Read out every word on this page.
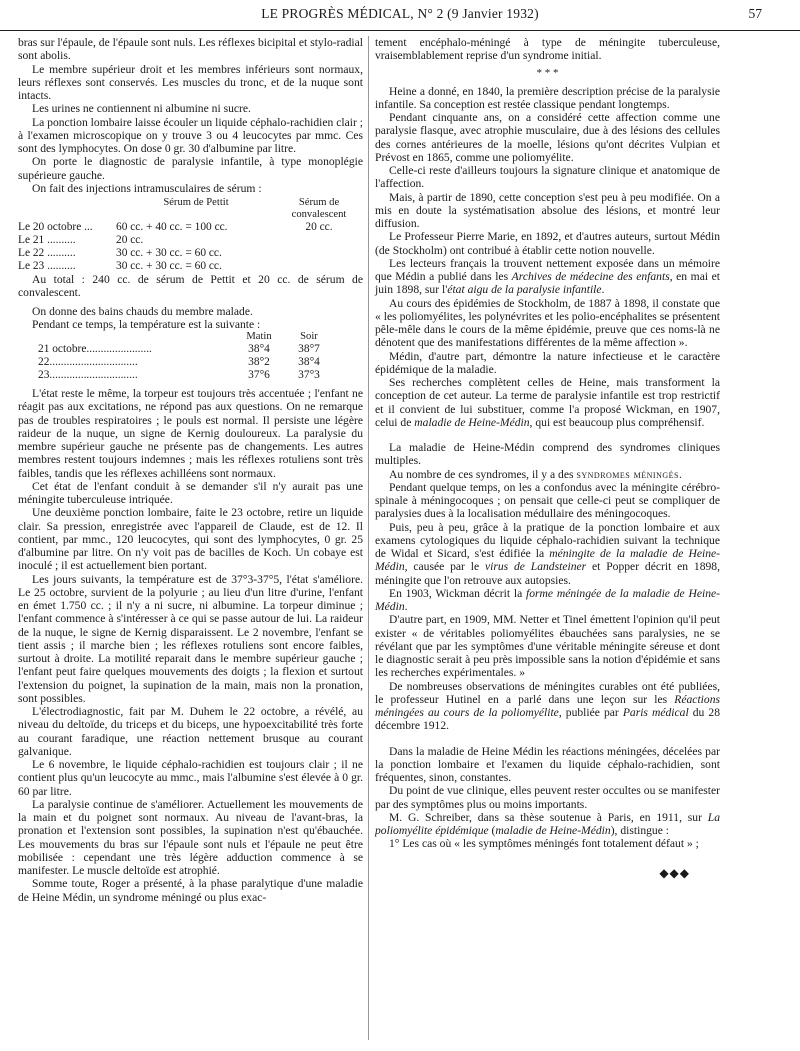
LE PROGRÈS MÉDICAL, N° 2 (9 Janvier 1932)	57

bras sur l'épaule, de l'épaule sont nuls. Les réflexes bicipital et stylo-radial sont abolis.

Le membre supérieur droit et les membres inférieurs sont normaux, leurs réflexes sont conservés. Les muscles du tronc, et de la nuque sont intacts.

Les urines ne contiennent ni albumine ni sucre.

La ponction lombaire laisse écouler un liquide céphalo-rachidien clair ; à l'examen microscopique on y trouve 3 ou 4 leucocytes par mmc. Ces sont des lymphocytes. On dose 0 gr. 30 d'albumine par litre.

On porte le diagnostic de paralysie infantile, à type monoplégie supérieure gauche.

On fait des injections intramusculaires de sérum :

Sérum de Pettit	Sérum de convalescent
Le 20 octobre ...	60 cc. + 40 cc. = 100 cc.	20 cc.
Le 21 ..........	20 cc.
Le 22 ..........	30 cc. + 30 cc. = 60 cc.
Le 23 ..........	30 cc. + 30 cc. = 60 cc.

Au total : 240 cc. de sérum de Pettit et 20 cc. de sérum de convalescent.

On donne des bains chauds du membre malade.

Pendant ce temps, la température est la suivante :

Matin	Soir
21 octobre.......................	38°4	38°7
22...............................	38°2	38°4
23...............................	37°6	37°3

L'état reste le même, la torpeur est toujours très accentuée ; l'enfant ne réagit pas aux excitations, ne répond pas aux questions. On ne remarque pas de troubles respiratoires ; le pouls est normal. Il persiste une légère raideur de la nuque, un signe de Kernig douloureux. La paralysie du membre supérieur gauche ne présente pas de changements. Les autres membres restent toujours indemnes ; mais les réflexes rotuliens sont très faibles, tandis que les réflexes achilléens sont normaux.

Cet état de l'enfant conduit à se demander s'il n'y aurait pas une méningite tuberculeuse intriquée.

Une deuxième ponction lombaire, faite le 23 octobre, retire un liquide clair. Sa pression, enregistrée avec l'appareil de Claude, est de 12. Il contient, par mmc., 120 leucocytes, qui sont des lymphocytes, 0 gr. 25 d'albumine par litre. On n'y voit pas de bacilles de Koch. Un cobaye est inoculé ; il est actuellement bien portant.

Les jours suivants, la température est de 37°3-37°5, l'état s'améliore. Le 25 octobre, survient de la polyurie ; au lieu d'un litre d'urine, l'enfant en émet 1.750 cc. ; il n'y a ni sucre, ni albumine. La torpeur diminue ; l'enfant commence à s'intéresser à ce qui se passe autour de lui. La raideur de la nuque, le signe de Kernig disparaissent. Le 2 novembre, l'enfant se tient assis ; il marche bien ; les réflexes rotuliens sont encore faibles, surtout à droite. La motilité reparait dans le membre supérieur gauche ; l'enfant peut faire quelques mouvements des doigts ; la flexion et surtout l'extension du poignet, la supination de la main, mais non la pronation, sont possibles.

L'électrodiagnostic, fait par M. Duhem le 22 octobre, a révélé, au niveau du deltoïde, du triceps et du biceps, une hypoexcitabilité très forte au courant faradique, une réaction nettement brusque au courant galvanique.

Le 6 novembre, le liquide céphalo-rachidien est toujours clair ; il ne contient plus qu'un leucocyte au mmc., mais l'albumine s'est élevée à 0 gr. 60 par litre.

La paralysie continue de s'améliorer. Actuellement les mouvements de la main et du poignet sont normaux. Au niveau de l'avant-bras, la pronation et l'extension sont possibles, la supination n'est qu'ébauchée. Les mouvements du bras sur l'épaule sont nuls et l'épaule ne peut être mobilisée : cependant une très légère adduction commence à se manifester. Le muscle deltoïde est atrophié.

Somme toute, Roger a présenté, à la phase paralytique d'une maladie de Heine Médin, un syndrome méningé ou plus exac-

tement encéphalo-méningé à type de méningite tuberculeuse, vraisemblablement reprise d'un syndrome initial.

* * *

Heine a donné, en 1840, la première description précise de la paralysie infantile. Sa conception est restée classique pendant longtemps.

Pendant cinquante ans, on a considéré cette affection comme une paralysie flasque, avec atrophie musculaire, due à des lésions des cellules des cornes antérieures de la moelle, lésions qu'ont décrites Vulpian et Prévost en 1865, comme une poliomyélite.

Celle-ci reste d'ailleurs toujours la signature clinique et anatomique de l'affection.

Mais, à partir de 1890, cette conception s'est peu à peu modifiée. On a mis en doute la systématisation absolue des lésions, et montré leur diffusion.

Le Professeur Pierre Marie, en 1892, et d'autres auteurs, surtout Médin (de Stockholm) ont contribué à établir cette notion nouvelle.

Les lecteurs français la trouvent nettement exposée dans un mémoire que Médin a publié dans les Archives de médecine des enfants, en mai et juin 1898, sur l'état aigu de la paralysie infantile.

Au cours des épidémies de Stockholm, de 1887 à 1898, il constate que « les poliomyélites, les polynévrites et les polio-encéphalites se présentent pêle-mêle dans le cours de la même épidémie, preuve que ces noms-là ne dénotent que des manifestations différentes de la même affection ».

Médin, d'autre part, démontre la nature infectieuse et le caractère épidémique de la maladie.

Ses recherches complètent celles de Heine, mais transforment la conception de cet auteur. La terme de paralysie infantile est trop restrictif et il convient de lui substituer, comme l'a proposé Wickman, en 1907, celui de maladie de Heine-Médin, qui est beaucoup plus compréhensif.

La maladie de Heine-Médin comprend des syndromes cliniques multiples.

Au nombre de ces syndromes, il y a des syndromes méningés.

Pendant quelque temps, on les a confondus avec la méningite cérébro-spinale à méningocoques ; on pensait que celle-ci peut se compliquer de paralysies dues à la localisation médullaire des méningocoques.

Puis, peu à peu, grâce à la pratique de la ponction lombaire et aux examens cytologiques du liquide céphalo-rachidien suivant la technique de Widal et Sicard, s'est édifiée la méningite de la maladie de Heine-Médin, causée par le virus de Landsteiner et Popper décrit en 1898, méningite que l'on retrouve aux autopsies.

En 1903, Wickman décrit la forme méningée de la maladie de Heine-Médin.

D'autre part, en 1909, MM. Netter et Tinel émettent l'opinion qu'il peut exister « de véritables poliomyélites ébauchées sans paralysies, ne se révélant que par les symptômes d'une véritable méningite séreuse et dont le diagnostic serait à peu près impossible sans la notion d'épidémie et sans les recherches expérimentales. »

De nombreuses observations de méningites curables ont été publiées, le professeur Hutinel en a parlé dans une leçon sur les Réactions méningées au cours de la poliomyélite, publiée par Paris médical du 28 décembre 1912.

Dans la maladie de Heine Médin les réactions méningées, décelées par la ponction lombaire et l'examen du liquide céphalo-rachidien, sont fréquentes, sinon, constantes.

Du point de vue clinique, elles peuvent rester occultes ou se manifester par des symptômes plus ou moins importants.

M. G. Schreiber, dans sa thèse soutenue à Paris, en 1911, sur La poliomyélite épidémique (maladie de Heine-Médin), distingue :

1° Les cas où « les symptômes méningés font totalement défaut » ;

◆◆◆
